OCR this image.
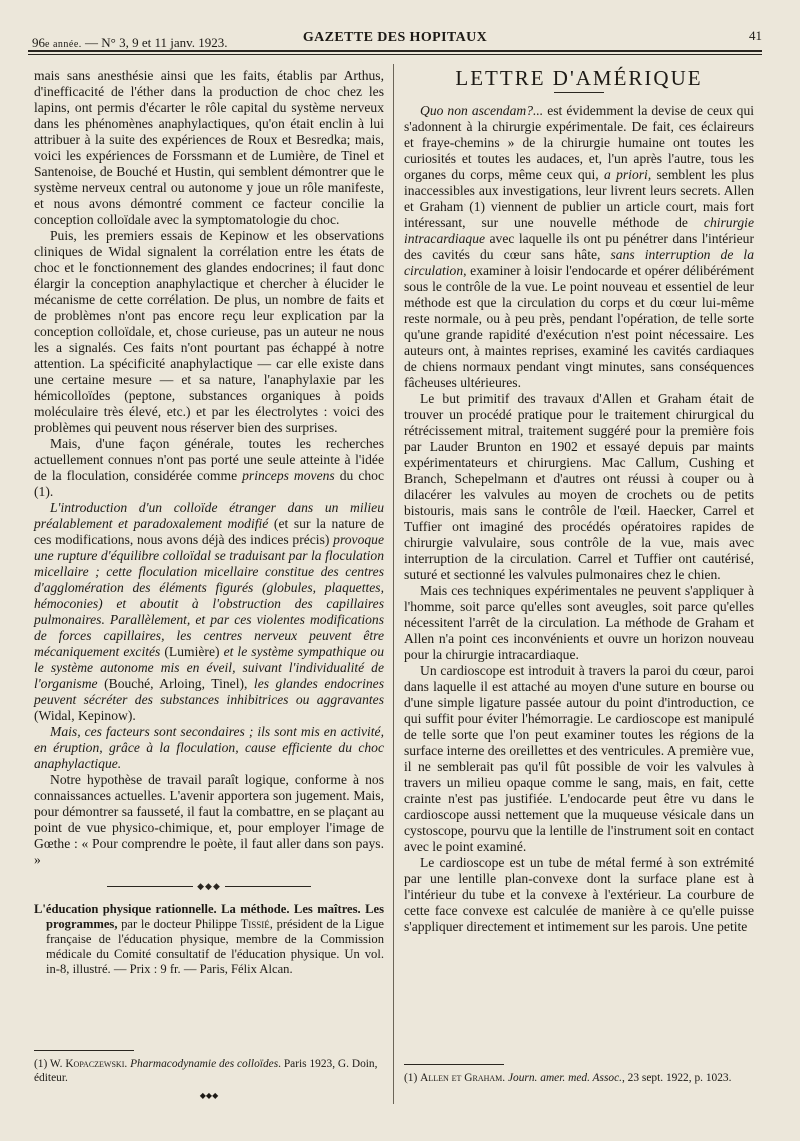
96e année. — N° 3, 9 et 11 janv. 1923.	GAZETTE DES HOPITAUX	41

mais sans anesthésie ainsi que les faits, établis par Arthus, d'inefficacité de l'éther dans la production de choc chez les lapins, ont permis d'écarter le rôle capital du système nerveux dans les phénomènes anaphylactiques, qu'on était enclin à lui attribuer à la suite des expériences de Roux et Besredka; mais, voici les expériences de Forssmann et de Lumière, de Tinel et Santenoise, de Bouché et Hustin, qui semblent démontrer que le système nerveux central ou autonome y joue un rôle manifeste, et nous avons démontré comment ce facteur concilie la conception colloïdale avec la symptomatologie du choc.

Puis, les premiers essais de Kepinow et les observations cliniques de Widal signalent la corrélation entre les états de choc et le fonctionnement des glandes endocrines; il faut donc élargir la conception anaphylactique et chercher à élucider le mécanisme de cette corrélation. De plus, un nombre de faits et de problèmes n'ont pas encore reçu leur explication par la conception colloïdale, et, chose curieuse, pas un auteur ne nous les a signalés. Ces faits n'ont pourtant pas échappé à notre attention. La spécificité anaphylactique — car elle existe dans une certaine mesure — et sa nature, l'anaphylaxie par les hémicolloïdes (peptone, substances organiques à poids moléculaire très élevé, etc.) et par les électrolytes : voici des problèmes qui peuvent nous réserver bien des surprises.

Mais, d'une façon générale, toutes les recherches actuellement connues n'ont pas porté une seule atteinte à l'idée de la floculation, considérée comme princeps movens du choc (1).

L'introduction d'un colloïde étranger dans un milieu préalablement et paradoxalement modifié (et sur la nature de ces modifications, nous avons déjà des indices précis) provoque une rupture d'équilibre colloïdal se traduisant par la floculation micellaire ; cette floculation micellaire constitue des centres d'agglomération des éléments figurés (globules, plaquettes, hémoconies) et aboutit à l'obstruction des capillaires pulmonaires. Parallèlement, et par ces violentes modifications de forces capillaires, les centres nerveux peuvent être mécaniquement excités (Lumière) et le système sympathique ou le système autonome mis en éveil, suivant l'individualité de l'organisme (Bouché, Arloing, Tinel), les glandes endocrines peuvent sécréter des substances inhibitrices ou aggravantes (Widal, Kepinow).

Mais, ces facteurs sont secondaires ; ils sont mis en activité, en éruption, grâce à la floculation, cause efficiente du choc anaphylactique.

Notre hypothèse de travail paraît logique, conforme à nos connaissances actuelles. L'avenir apportera son jugement. Mais, pour démontrer sa fausseté, il faut la combattre, en se plaçant au point de vue physico-chimique, et, pour employer l'image de Gœthe : « Pour comprendre le poète, il faut aller dans son pays. »

◆◆◆

L'éducation physique rationnelle. La méthode. Les maîtres. Les programmes, par le docteur Philippe Tissié, président de la Ligue française de l'éducation physique, membre de la Commission médicale du Comité consultatif de l'éducation physique. Un vol. in-8, illustré. — Prix : 9 fr. — Paris, Félix Alcan.

(1) W. Kopaczewski. Pharmacodynamie des colloïdes. Paris 1923, G. Doin, éditeur.

◆◆◆
LETTRE D'AMÉRIQUE

Quo non ascendam?... est évidemment la devise de ceux qui s'adonnent à la chirurgie expérimentale. De fait, ces éclaireurs et fraye-chemins » de la chirurgie humaine ont toutes les curiosités et toutes les audaces, et, l'un après l'autre, tous les organes du corps, même ceux qui, a priori, semblent les plus inaccessibles aux investigations, leur livrent leurs secrets. Allen et Graham (1) viennent de publier un article court, mais fort intéressant, sur une nouvelle méthode de chirurgie intracardiaque avec laquelle ils ont pu pénétrer dans l'intérieur des cavités du cœur sans hâte, sans interruption de la circulation, examiner à loisir l'endocarde et opérer délibérément sous le contrôle de la vue. Le point nouveau et essentiel de leur méthode est que la circulation du corps et du cœur lui-même reste normale, ou à peu près, pendant l'opération, de telle sorte qu'une grande rapidité d'exécution n'est point nécessaire. Les auteurs ont, à maintes reprises, examiné les cavités cardiaques de chiens normaux pendant vingt minutes, sans conséquences fâcheuses ultérieures.

Le but primitif des travaux d'Allen et Graham était de trouver un procédé pratique pour le traitement chirurgical du rétrécissement mitral, traitement suggéré pour la première fois par Lauder Brunton en 1902 et essayé depuis par maints expérimentateurs et chirurgiens. Mac Callum, Cushing et Branch, Schepelmann et d'autres ont réussi à couper ou à dilacérer les valvules au moyen de crochets ou de petits bistouris, mais sans le contrôle de l'œil. Haecker, Carrel et Tuffier ont imaginé des procédés opératoires rapides de chirurgie valvulaire, sous contrôle de la vue, mais avec interruption de la circulation. Carrel et Tuffier ont cautérisé, suturé et sectionné les valvules pulmonaires chez le chien.

Mais ces techniques expérimentales ne peuvent s'appliquer à l'homme, soit parce qu'elles sont aveugles, soit parce qu'elles nécessitent l'arrêt de la circulation. La méthode de Graham et Allen n'a point ces inconvénients et ouvre un horizon nouveau pour la chirurgie intracardiaque.

Un cardioscope est introduit à travers la paroi du cœur, paroi dans laquelle il est attaché au moyen d'une suture en bourse ou d'une simple ligature passée autour du point d'introduction, ce qui suffit pour éviter l'hémorragie. Le cardioscope est manipulé de telle sorte que l'on peut examiner toutes les régions de la surface interne des oreillettes et des ventricules. A première vue, il ne semblerait pas qu'il fût possible de voir les valvules à travers un milieu opaque comme le sang, mais, en fait, cette crainte n'est pas justifiée. L'endocarde peut être vu dans le cardioscope aussi nettement que la muqueuse vésicale dans un cystoscope, pourvu que la lentille de l'instrument soit en contact avec le point examiné.

Le cardioscope est un tube de métal fermé à son extrémité par une lentille plan-convexe dont la surface plane est à l'intérieur du tube et la convexe à l'extérieur. La courbure de cette face convexe est calculée de manière à ce qu'elle puisse s'appliquer directement et intimement sur les parois. Une petite

(1) Allen et Graham. Journ. amer. med. Assoc., 23 sept. 1922, p. 1023.
